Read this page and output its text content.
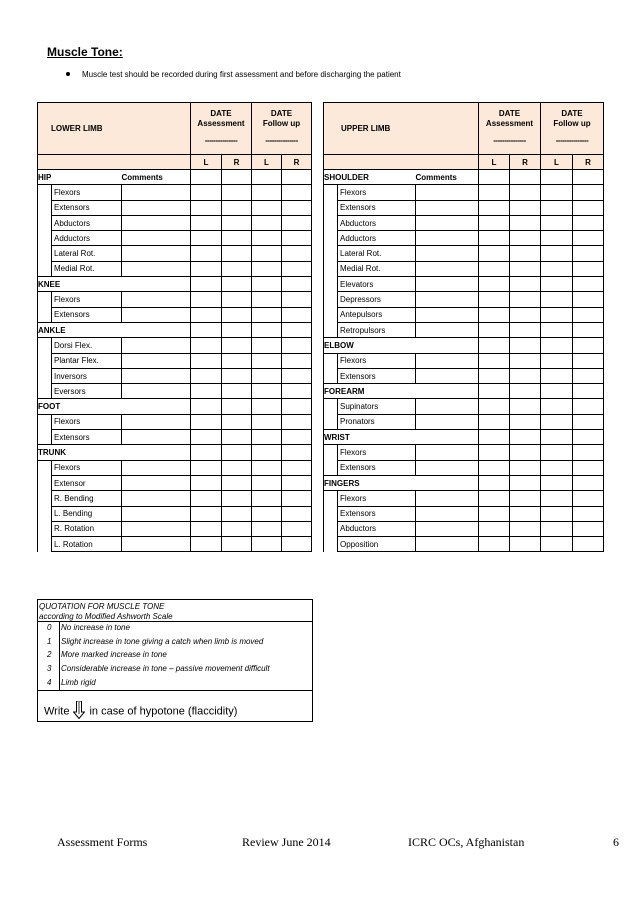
Muscle Tone:
Muscle test should be recorded during first assessment and before discharging the patient
LOWER LIMB			DATE
Assessment
---------------		DATE
Follow up
---------------	

			L	R	L	R
HIP		Comments				
	Flexors					
	Extensors					
	Abductors					
	Adductors					
	Lateral Rot.					
	Medial Rot.					
KNEE						
	Flexors					
	Extensors					
ANKLE						
	Dorsi Flex.					
	Plantar Flex.					
	Inversors					
	Eversors					
FOOT						
	Flexors					
	Extensors					
TRUNK						
	Flexors					
	Extensor					
	R. Bending					
	L. Bending					
	R. Rotation					
	L. Rotation					
UPPER LIMB			DATE
Assessment
---------------		DATE
Follow up
---------------	

			L	R	L	R
SHOULDER		Comments				
	Flexors					
	Extensors					
	Abductors					
	Adductors					
	Lateral Rot.					
	Medial Rot.					
	Elevators					
	Depressors					
	Antepulsors					
	Retropulsors					
ELBOW						
	Flexors					
	Extensors					
FOREARM						
	Supinators					
	Pronators					
WRIST						
	Flexors					
	Extensors					
FINGERS						
	Flexors					
	Extensors					
	Abductors					
	Opposition					
QUOTATION FOR MUSCLE TONE
according to Modified Ashworth Scale
0	No increase in tone
1	Slight increase in tone giving a catch when limb is moved
2	More marked increase in tone
3	Considerable increase in tone – passive movement difficult
4	Limb rigid
Write in case of hypotone (flaccidity)
Assessment Forms	Review June 2014	ICRC OCs, Afghanistan	6
